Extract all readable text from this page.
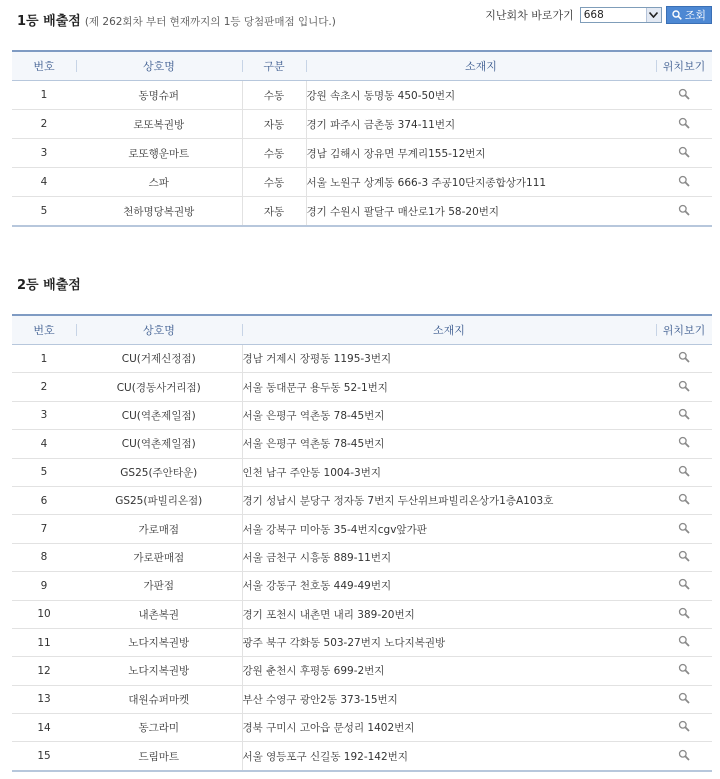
1등 배출점 (제 262회차 부터 현재까지의 1등 당첨판매점 입니다.)	지난회차 바로가기 668	조회
번호	상호명	구분	소재지	위치보기
1	동명슈퍼	수동	강원 속초시 동명동 450-50번지	
2	로또복권방	자동	경기 파주시 금촌동 374-11번지	
3	로또행운마트	수동	경남 김해시 장유면 무계리155-12번지	
4	스파	수동	서울 노원구 상계동 666-3 주공10단지종합상가111	
5	천하명당복권방	자동	경기 수원시 팔달구 매산로1가 58-20번지	
2등 배출점
번호	상호명	소재지	위치보기
1	CU(거제신정점)	경남 거제시 장평동 1195-3번지	
2	CU(경동사거리점)	서울 동대문구 용두동 52-1번지	
3	CU(역촌제일점)	서울 은평구 역촌동 78-45번지	
4	CU(역촌제일점)	서울 은평구 역촌동 78-45번지	
5	GS25(주안타운)	인천 남구 주안동 1004-3번지	
6	GS25(파빌리온점)	경기 성남시 분당구 정자동 7번지 두산위브파빌리온상가1층A103호	
7	가로매점	서울 강북구 미아동 35-4번지cgv앞가판	
8	가로판매점	서울 금천구 시흥동 889-11번지	
9	가판점	서울 강동구 천호동 449-49번지	
10	내촌복권	경기 포천시 내촌면 내리 389-20번지	
11	노다지복권방	광주 북구 각화동 503-27번지 노다지복권방	
12	노다지복권방	강원 춘천시 후평동 699-2번지	
13	대원슈퍼마켓	부산 수영구 광안2동 373-15번지	
14	동그라미	경북 구미시 고아읍 문성리 1402번지	
15	드림마트	서울 영등포구 신길동 192-142번지	
